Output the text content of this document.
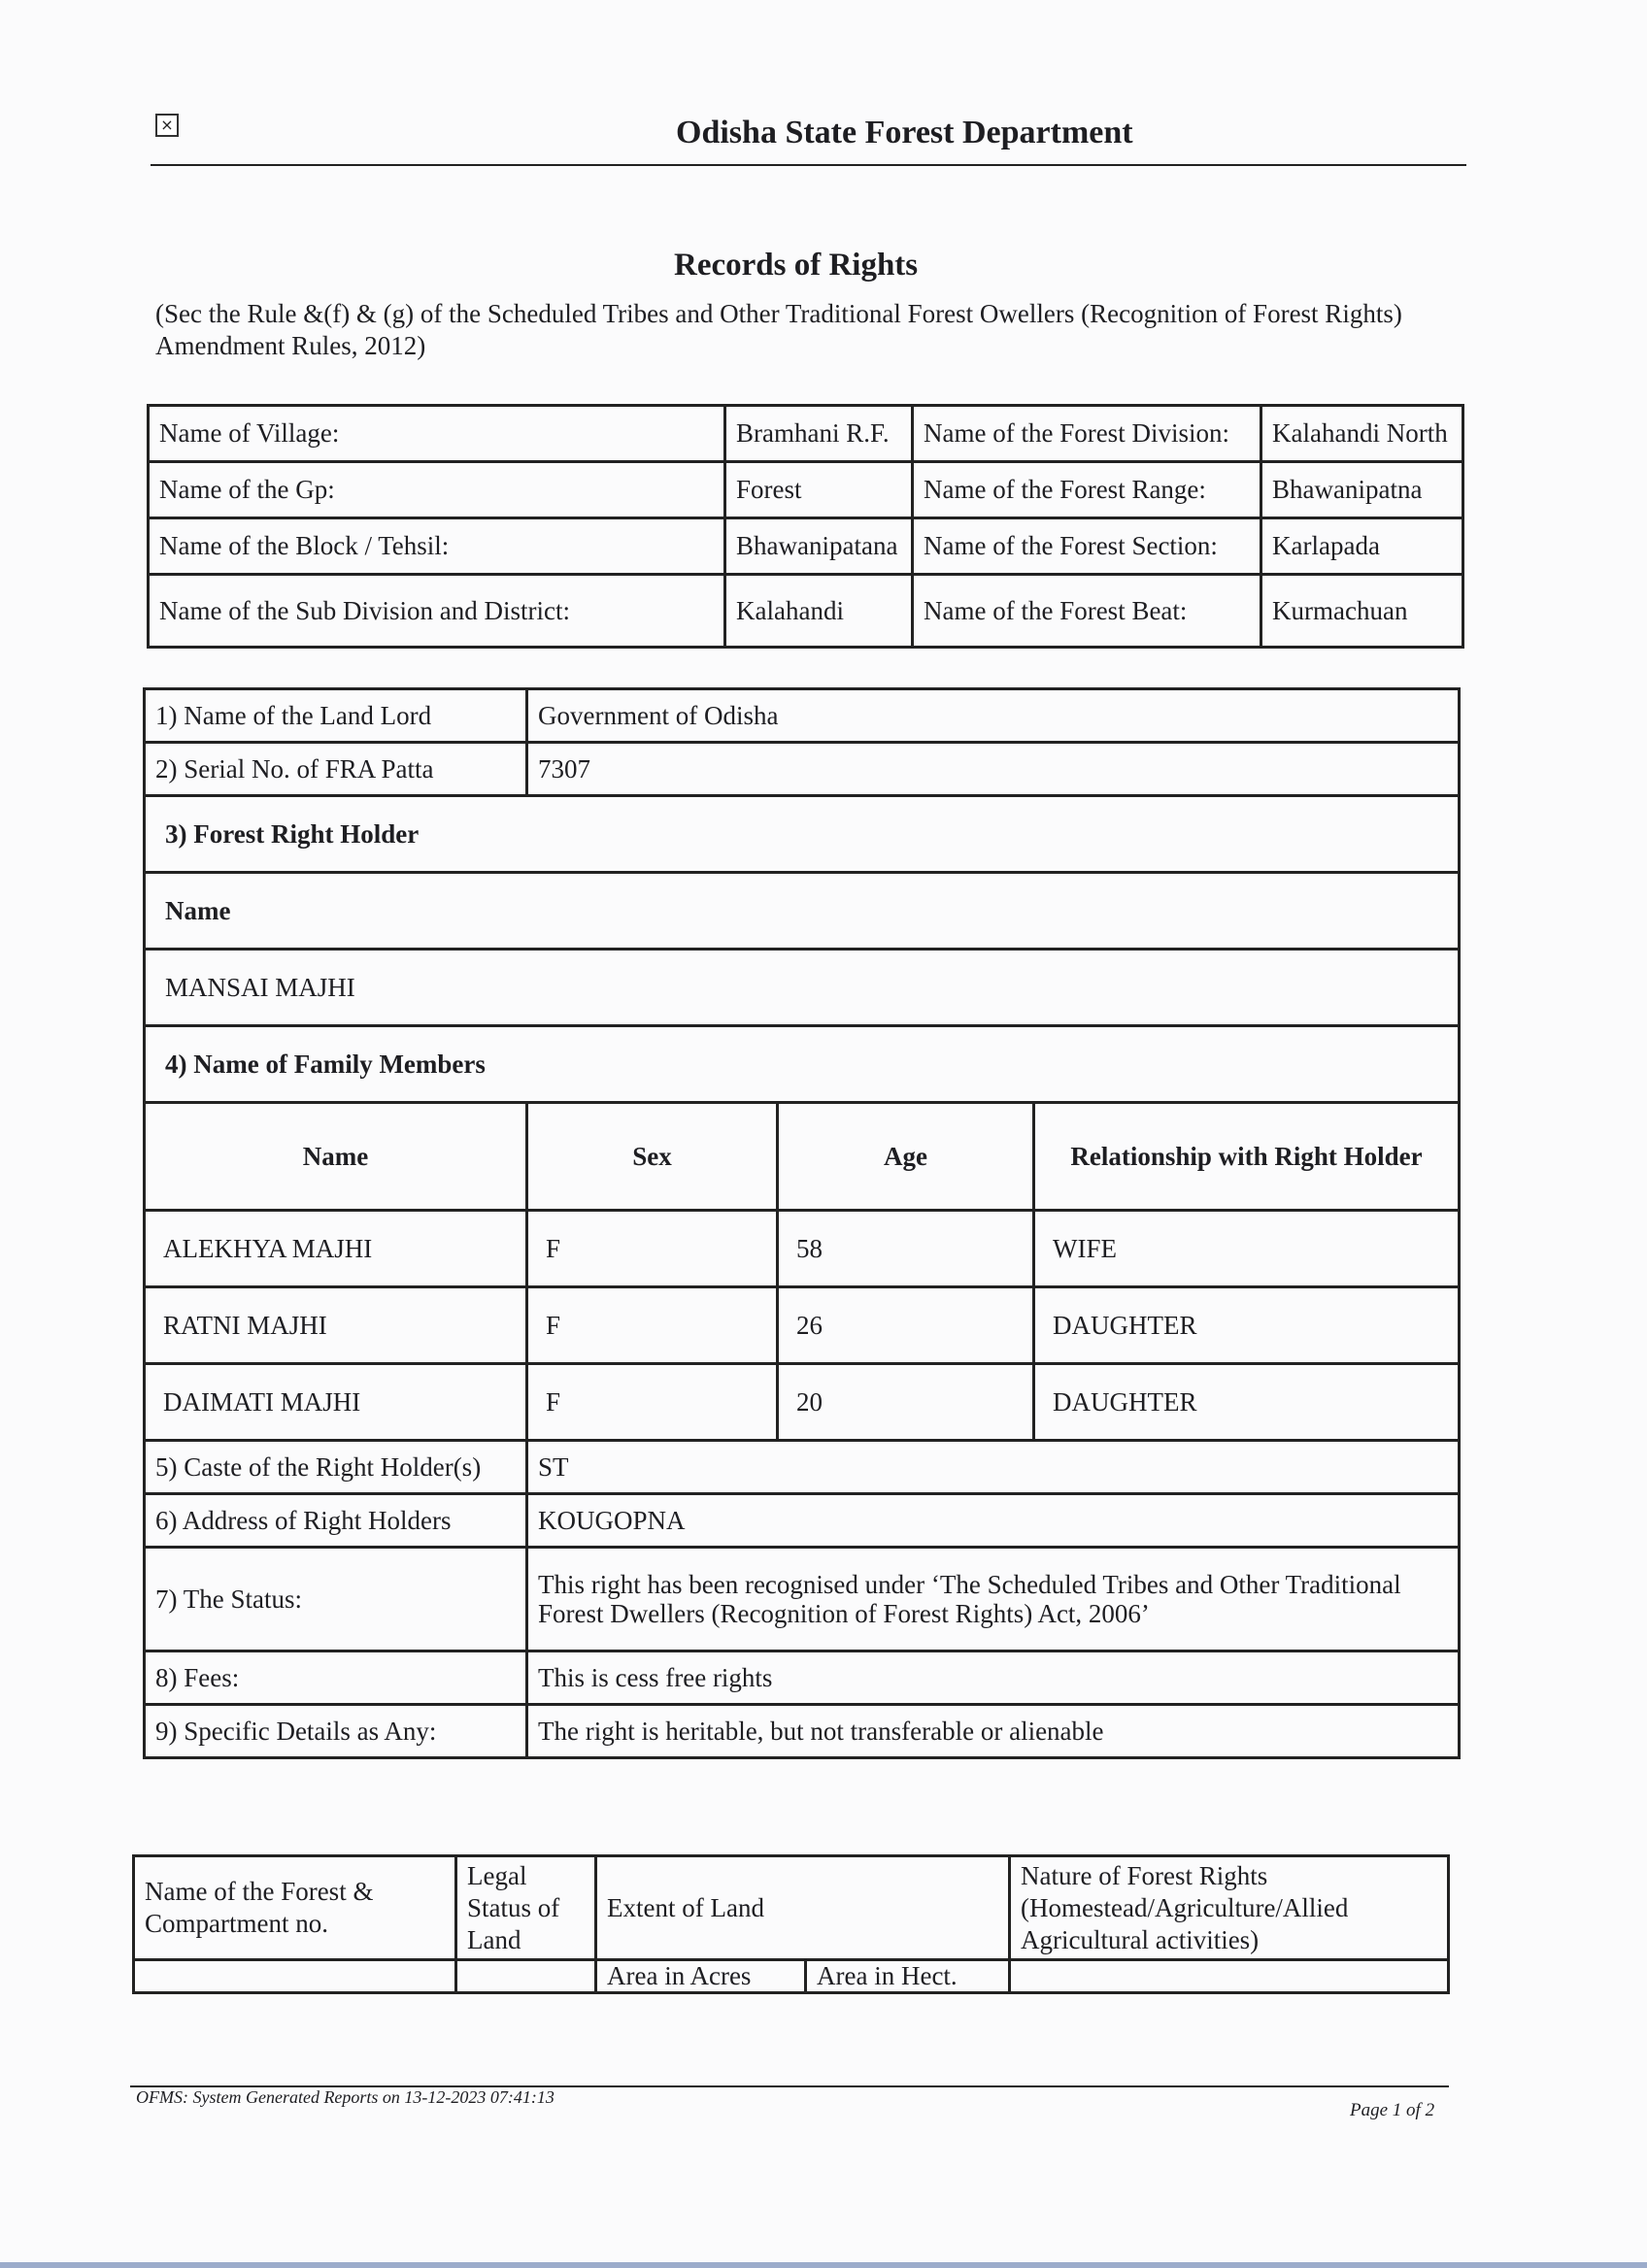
×	Odisha State Forest Department
Records of Rights
(Sec the Rule &(f) & (g) of the Scheduled Tribes and Other Traditional Forest Owellers (Recognition of Forest Rights) Amendment Rules, 2012)
Name of Village:	Bramhani R.F.	Name of the Forest Division:	Kalahandi North
Name of the Gp:	Forest	Name of the Forest Range:	Bhawanipatna
Name of the Block / Tehsil:	Bhawanipatana	Name of the Forest Section:	Karlapada
Name of the Sub Division and District:	Kalahandi	Name of the Forest Beat:	Kurmachuan
1) Name of the Land Lord	Government of Odisha		
2) Serial No. of FRA Patta	7307		
3) Forest Right Holder			
Name			
MANSAI MAJHI			
4) Name of Family Members			
Name	Sex	Age	Relationship with Right Holder
ALEKHYA MAJHI	F	58	WIFE
RATNI MAJHI	F	26	DAUGHTER
DAIMATI MAJHI	F	20	DAUGHTER
5) Caste of the Right Holder(s)	ST		
6) Address of Right Holders	KOUGOPNA		
7) The Status:	This right has been recognised under ‘The Scheduled Tribes and Other Traditional
Forest Dwellers (Recognition of Forest Rights) Act, 2006’		

8) Fees:	This is cess free rights		
9) Specific Details as Any:	The right is heritable, but not transferable or alienable		
Name of the Forest & Compartment no.	Legal Status of Land	Extent of Land		Nature of Forest Rights (Homestead/Agriculture/Allied Agricultural activities)
		Area in Acres	Area in Hect.	
OFMS: System Generated Reports on 13-12-2023 07:41:13
Page 1 of 2
